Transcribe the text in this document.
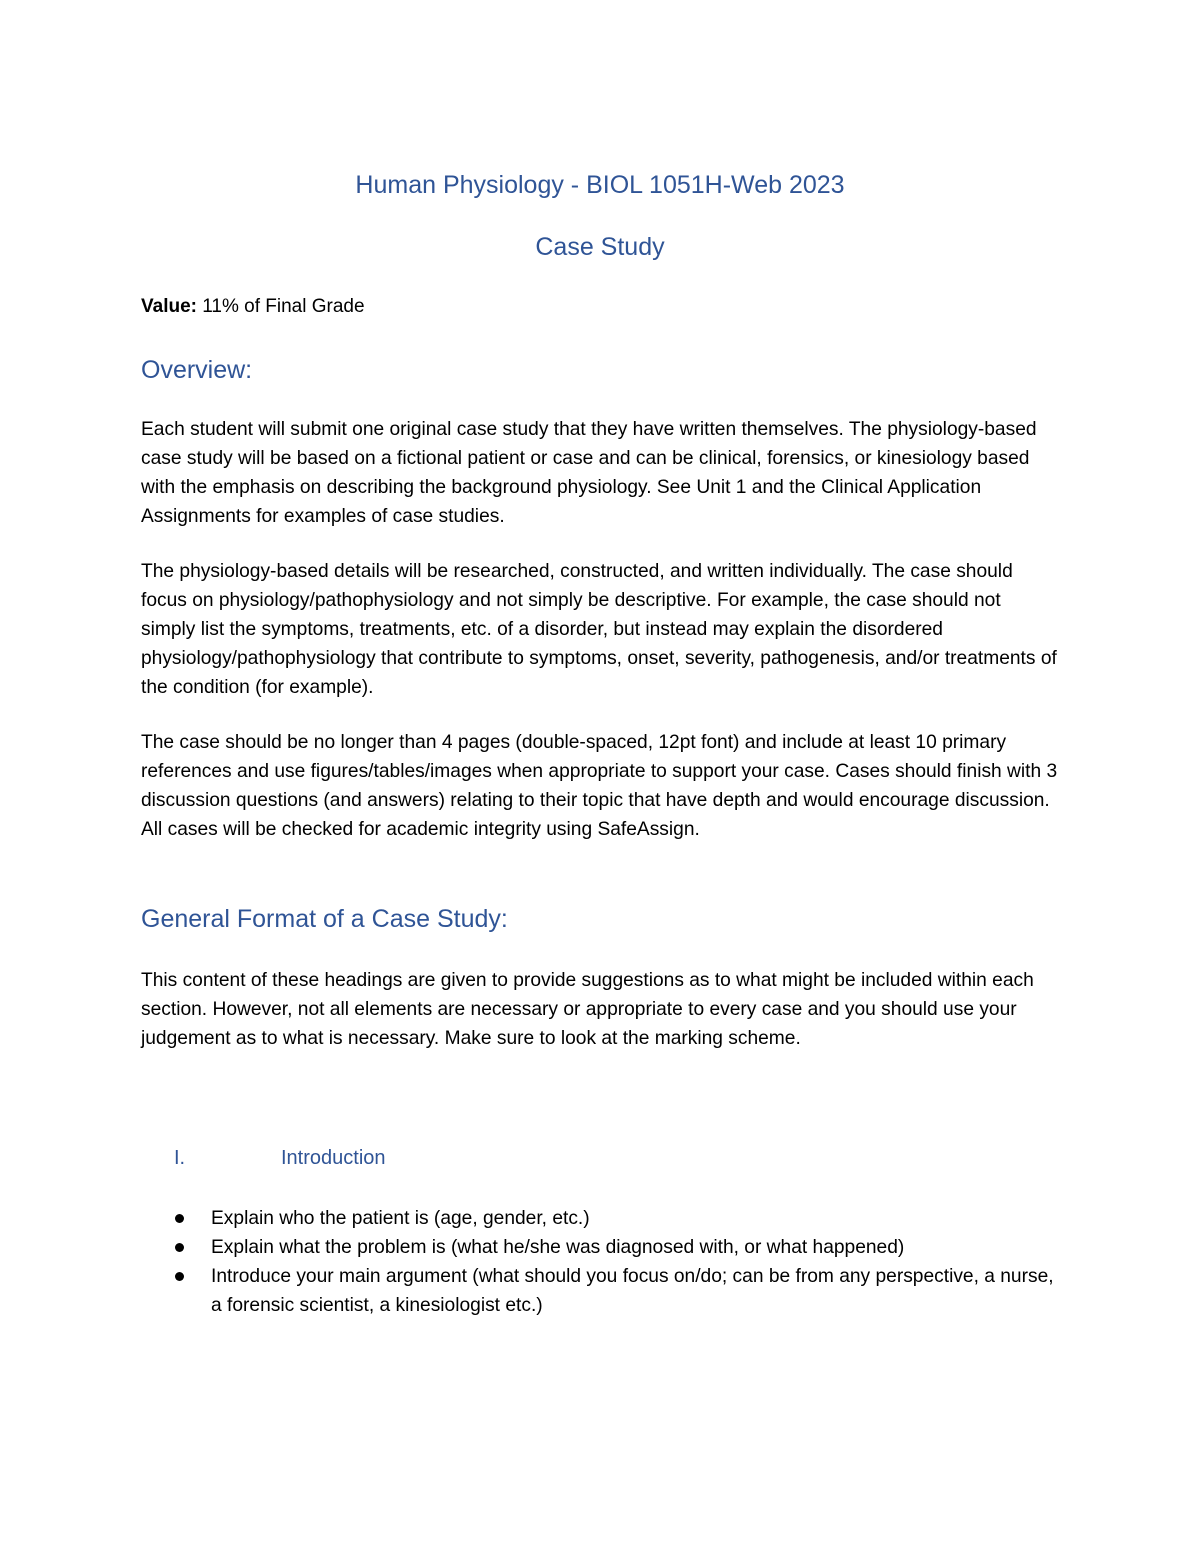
Human Physiology - BIOL 1051H-Web 2023
Case Study
Value: 11% of Final Grade
Overview:

Each student will submit one original case study that they have written themselves. The physiology-based case study will be based on a fictional patient or case and can be clinical, forensics, or kinesiology based with the emphasis on describing the background physiology. See Unit 1 and the Clinical Application Assignments for examples of case studies.

The physiology-based details will be researched, constructed, and written individually. The case should focus on physiology/pathophysiology and not simply be descriptive. For example, the case should not simply list the symptoms, treatments, etc. of a disorder, but instead may explain the disordered physiology/pathophysiology that contribute to symptoms, onset, severity, pathogenesis, and/or treatments of the condition (for example).

The case should be no longer than 4 pages (double-spaced, 12pt font) and include at least 10 primary references and use figures/tables/images when appropriate to support your case. Cases should finish with 3 discussion questions (and answers) relating to their topic that have depth and would encourage discussion. All cases will be checked for academic integrity using SafeAssign.

General Format of a Case Study:

This content of these headings are given to provide suggestions as to what might be included within each section. However, not all elements are necessary or appropriate to every case and you should use your judgement as to what is necessary. Make sure to look at the marking scheme.

I.	Introduction
Explain who the patient is (age, gender, etc.)
Explain what the problem is (what he/she was diagnosed with, or what happened)
Introduce your main argument (what should you focus on/do; can be from any perspective, a nurse, a forensic scientist, a kinesiologist etc.)
